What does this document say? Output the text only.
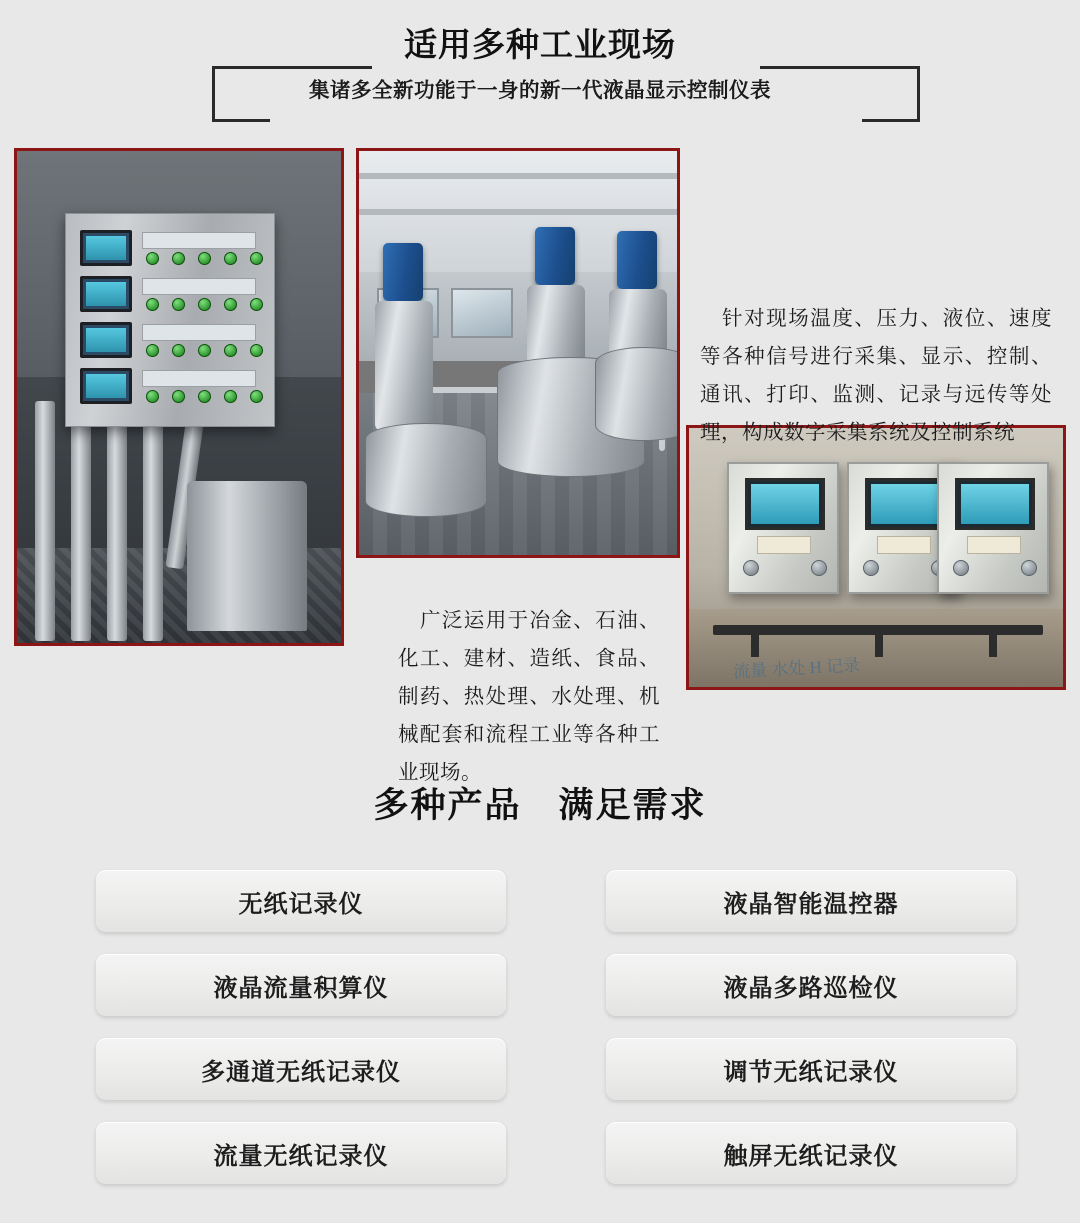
适用多种工业现场
集诸多全新功能于一身的新一代液晶显示控制仪表
流量 水处 H 记录
针对现场温度、压力、液位、速度等各种信号进行采集、显示、控制、通讯、打印、监测、记录与远传等处理，构成数字采集系统及控制系统
广泛运用于冶金、石油、化工、建材、造纸、食品、制药、热处理、水处理、机械配套和流程工业等各种工业现场。
多种产品　满足需求
无纸记录仪	液晶智能温控器
液晶流量积算仪	液晶多路巡检仪
多通道无纸记录仪	调节无纸记录仪
流量无纸记录仪	触屏无纸记录仪
